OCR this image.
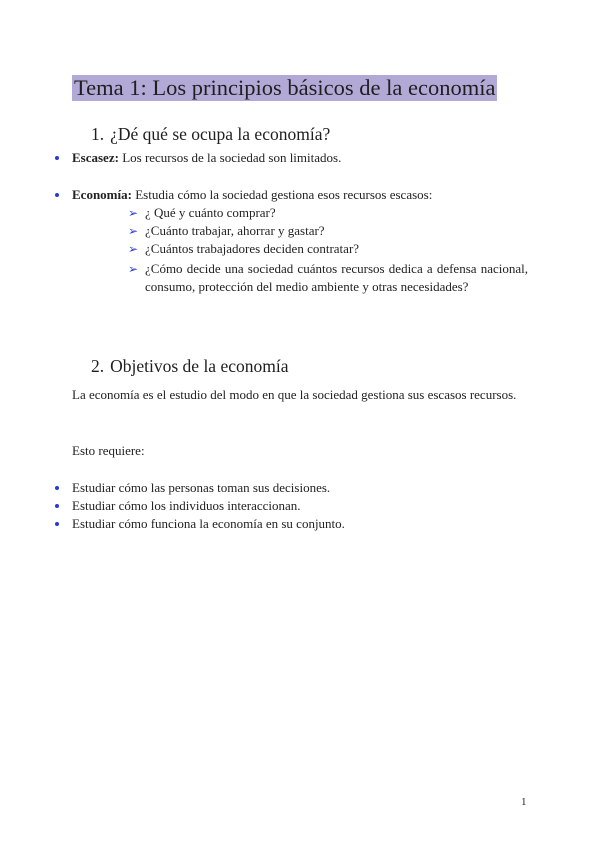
Tema 1: Los principios básicos de la economía
1. ¿Dé qué se ocupa la economía?
Escasez: Los recursos de la sociedad son limitados.
Economía: Estudia cómo la sociedad gestiona esos recursos escasos:
➢ ¿ Qué y cuánto comprar?
➢ ¿Cuánto trabajar, ahorrar y gastar?
➢ ¿Cuántos trabajadores deciden contratar?
➢ ¿Cómo decide una sociedad cuántos recursos dedica a defensa nacional, consumo, protección del medio ambiente y otras necesidades?
2. Objetivos de la economía
La economía es el estudio del modo en que la sociedad gestiona sus escasos recursos.
Esto requiere:
Estudiar cómo las personas toman sus decisiones.
Estudiar cómo los individuos interaccionan.
Estudiar cómo funciona la economía en su conjunto.
1
